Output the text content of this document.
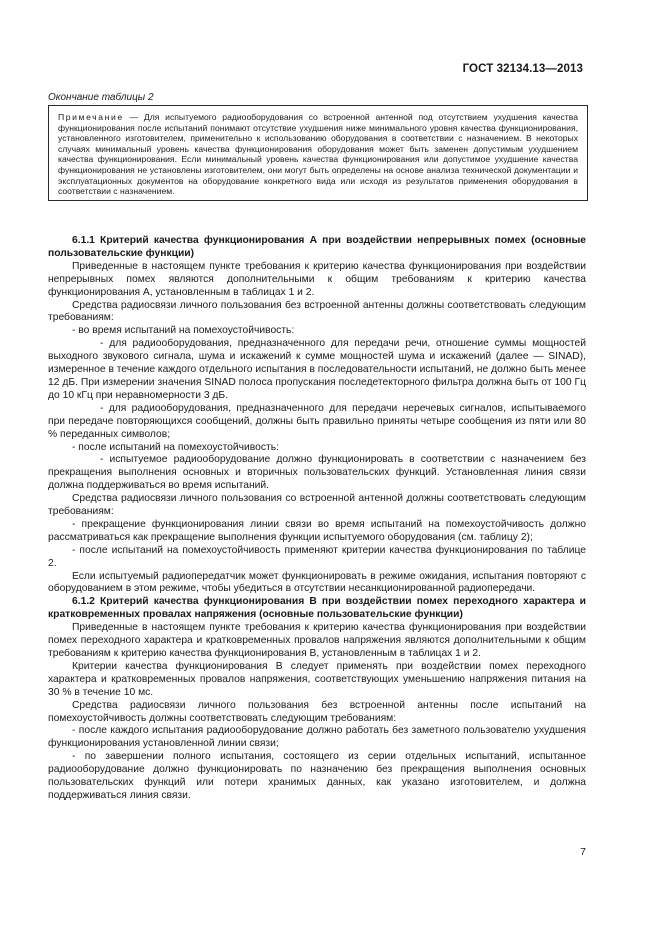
ГОСТ 32134.13—2013
Окончание таблицы 2
Примечание — Для испытуемого радиооборудования со встроенной антенной под отсутствием ухудшения качества функционирования после испытаний понимают отсутствие ухудшения ниже минимального уровня качества функционирования, установленного изготовителем, применительно к использованию оборудования в соответствии с назначением. В некоторых случаях минимальный уровень качества функционирования оборудования может быть заменен допустимым ухудшением качества функционирования. Если минимальный уровень качества функционирования или допустимое ухудшение качества функционирования не установлены изготовителем, они могут быть определены на основе анализа технической документации и эксплуатационных документов на оборудование конкретного вида или исходя из результатов применения оборудования в соответствии с назначением.

6.1.1 Критерий качества функционирования А при воздействии непрерывных помех (основные пользовательские функции)

Приведенные в настоящем пункте требования к критерию качества функционирования при воздействии непрерывных помех являются дополнительными к общим требованиям к критерию качества функционирования А, установленным в таблицах 1 и 2.

Средства радиосвязи личного пользования без встроенной антенны должны соответствовать следующим требованиям:

- во время испытаний на помехоустойчивость:

- для радиооборудования, предназначенного для передачи речи, отношение суммы мощностей выходного звукового сигнала, шума и искажений к сумме мощностей шума и искажений (далее — SINAD), измеренное в течение каждого отдельного испытания в последовательности испытаний, не должно быть менее 12 дБ. При измерении значения SINAD полоса пропускания последетекторного фильтра должна быть от 100 Гц до 10 кГц при неравномерности 3 дБ.

- для радиооборудования, предназначенного для передачи неречевых сигналов, испытываемого при передаче повторяющихся сообщений, должны быть правильно приняты четыре сообщения из пяти или 80 % переданных символов;

- после испытаний на помехоустойчивость:

- испытуемое радиооборудование должно функционировать в соответствии с назначением без прекращения выполнения основных и вторичных пользовательских функций. Установленная линия связи должна поддерживаться во время испытаний.

Средства радиосвязи личного пользования со встроенной антенной должны соответствовать следующим требованиям:

- прекращение функционирования линии связи во время испытаний на помехоустойчивость должно рассматриваться как прекращение выполнения функции испытуемого оборудования (см. таблицу 2);

- после испытаний на помехоустойчивость применяют критерии качества функционирования по таблице 2.

Если испытуемый радиопередатчик может функционировать в режиме ожидания, испытания повторяют с оборудованием в этом режиме, чтобы убедиться в отсутствии несанкционированной радиопередачи.

6.1.2 Критерий качества функционирования В при воздействии помех переходного характера и кратковременных провалах напряжения (основные пользовательские функции)

Приведенные в настоящем пункте требования к критерию качества функционирования при воздействии помех переходного характера и кратковременных провалов напряжения являются дополнительными к общим требованиям к критерию качества функционирования В, установленным в таблицах 1 и 2.

Критерии качества функционирования В следует применять при воздействии помех переходного характера и кратковременных провалов напряжения, соответствующих уменьшению напряжения питания на 30 % в течение 10 мс.

Средства радиосвязи личного пользования без встроенной антенны после испытаний на помехоустойчивость должны соответствовать следующим требованиям:

- после каждого испытания радиооборудование должно работать без заметного пользователю ухудшения функционирования установленной линии связи;

- по завершении полного испытания, состоящего из серии отдельных испытаний, испытанное радиооборудование должно функционировать по назначению без прекращения выполнения основных пользовательских функций или потери хранимых данных, как указано изготовителем, и должна поддерживаться линия связи.

7
